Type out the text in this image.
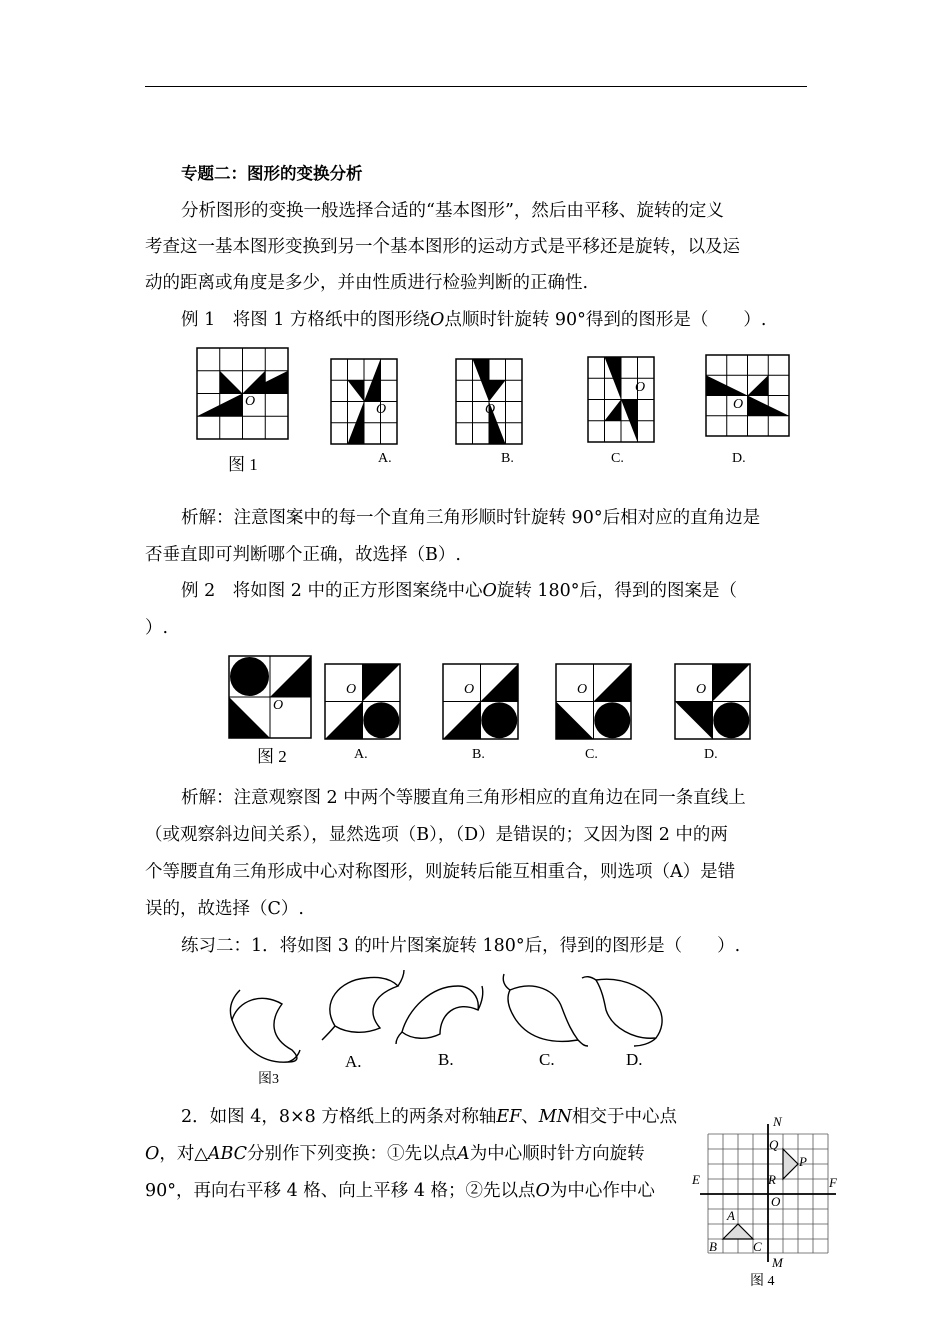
专题二：图形的变换分析
分析图形的变换一般选择合适的“基本图形”，然后由平移、旋转的定义
考查这一基本图形变换到另一个基本图形的运动方式是平移还是旋转，以及运
动的距离或角度是多少，并由性质进行检验判断的正确性.
例 1　将图 1 方格纸中的图形绕O点顺时针旋转 90°得到的图形是（　　）.
图 1	A.	B.	C.	D.
O
O	O
O
O
析解：注意图案中的每一个直角三角形顺时针旋转 90°后相对应的直角边是
否垂直即可判断哪个正确，故选择（B）.
例 2　将如图 2 中的正方形图案绕中心O旋转 180°后，得到的图案是（
）.
图 2	A.	B.	C.	D.
O
O	O	O	O
析解：注意观察图 2 中两个等腰直角三角形相应的直角边在同一条直线上
（或观察斜边间关系），显然选项（B），（D）是错误的；又因为图 2 中的两
个等腰直角三角形成中心对称图形，则旋转后能互相重合，则选项（A）是错
误的，故选择（C）.
练习二：1．将如图 3 的叶片图案旋转 180°后，得到的图形是（　　）.
图3
A.	B.	C.	D.
2．如图 4，8×8 方格纸上的两条对称轴EF、MN相交于中心点
O，对△ABC分别作下列变换：①先以点A为中心顺时针方向旋转
90°，再向右平移 4 格、向上平移 4 格；②先以点O为中心作中心
N
M
E	F
O
Q
R
P
A
B	C
图 4
